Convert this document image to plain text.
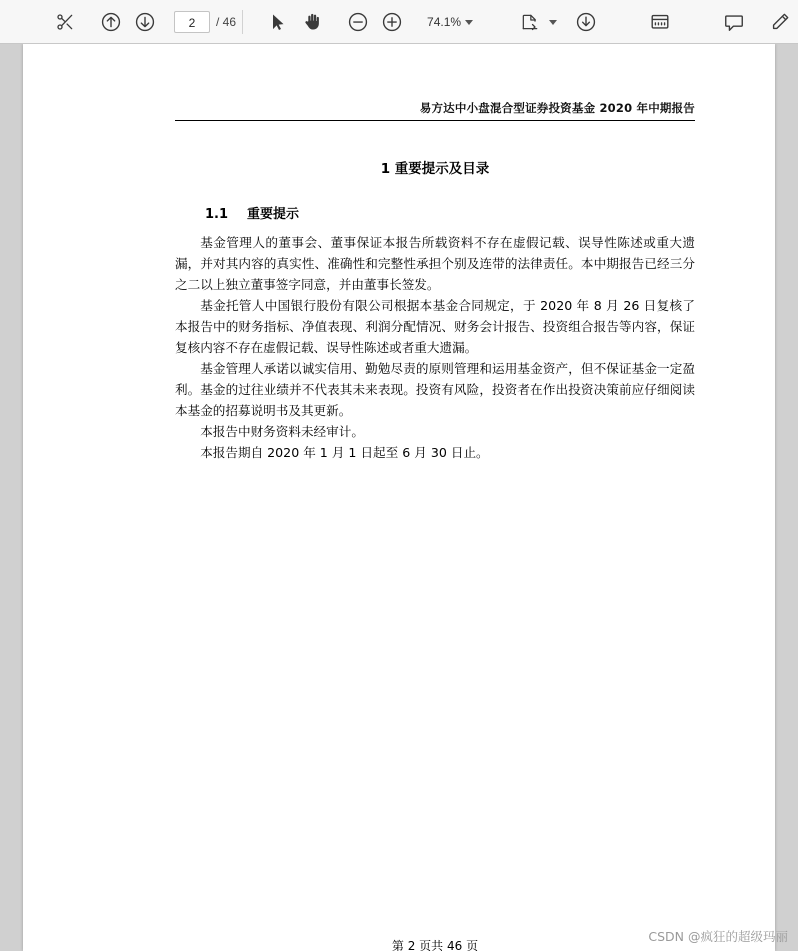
2	/ 46	74.1%
易方达中小盘混合型证券投资基金 2020 年中期报告
1 重要提示及目录
1.1 重要提示
基金管理人的董事会、董事保证本报告所载资料不存在虚假记载、误导性陈述或重大遗漏，并对其内容的真实性、准确性和完整性承担个别及连带的法律责任。本中期报告已经三分之二以上独立董事签字同意，并由董事长签发。
基金托管人中国银行股份有限公司根据本基金合同规定，于 2020 年 8 月 26 日复核了本报告中的财务指标、净值表现、利润分配情况、财务会计报告、投资组合报告等内容，保证复核内容不存在虚假记载、误导性陈述或者重大遗漏。
基金管理人承诺以诚实信用、勤勉尽责的原则管理和运用基金资产，但不保证基金一定盈利。 基金的过往业绩并不代表其未来表现。投资有风险，投资者在作出投资决策前应仔细阅读本基金的招募说明书及其更新。
本报告中财务资料未经审计。
本报告期自 2020 年 1 月 1 日起至 6 月 30 日止。
第 2 页共 46 页
CSDN @疯狂的超级玛丽
